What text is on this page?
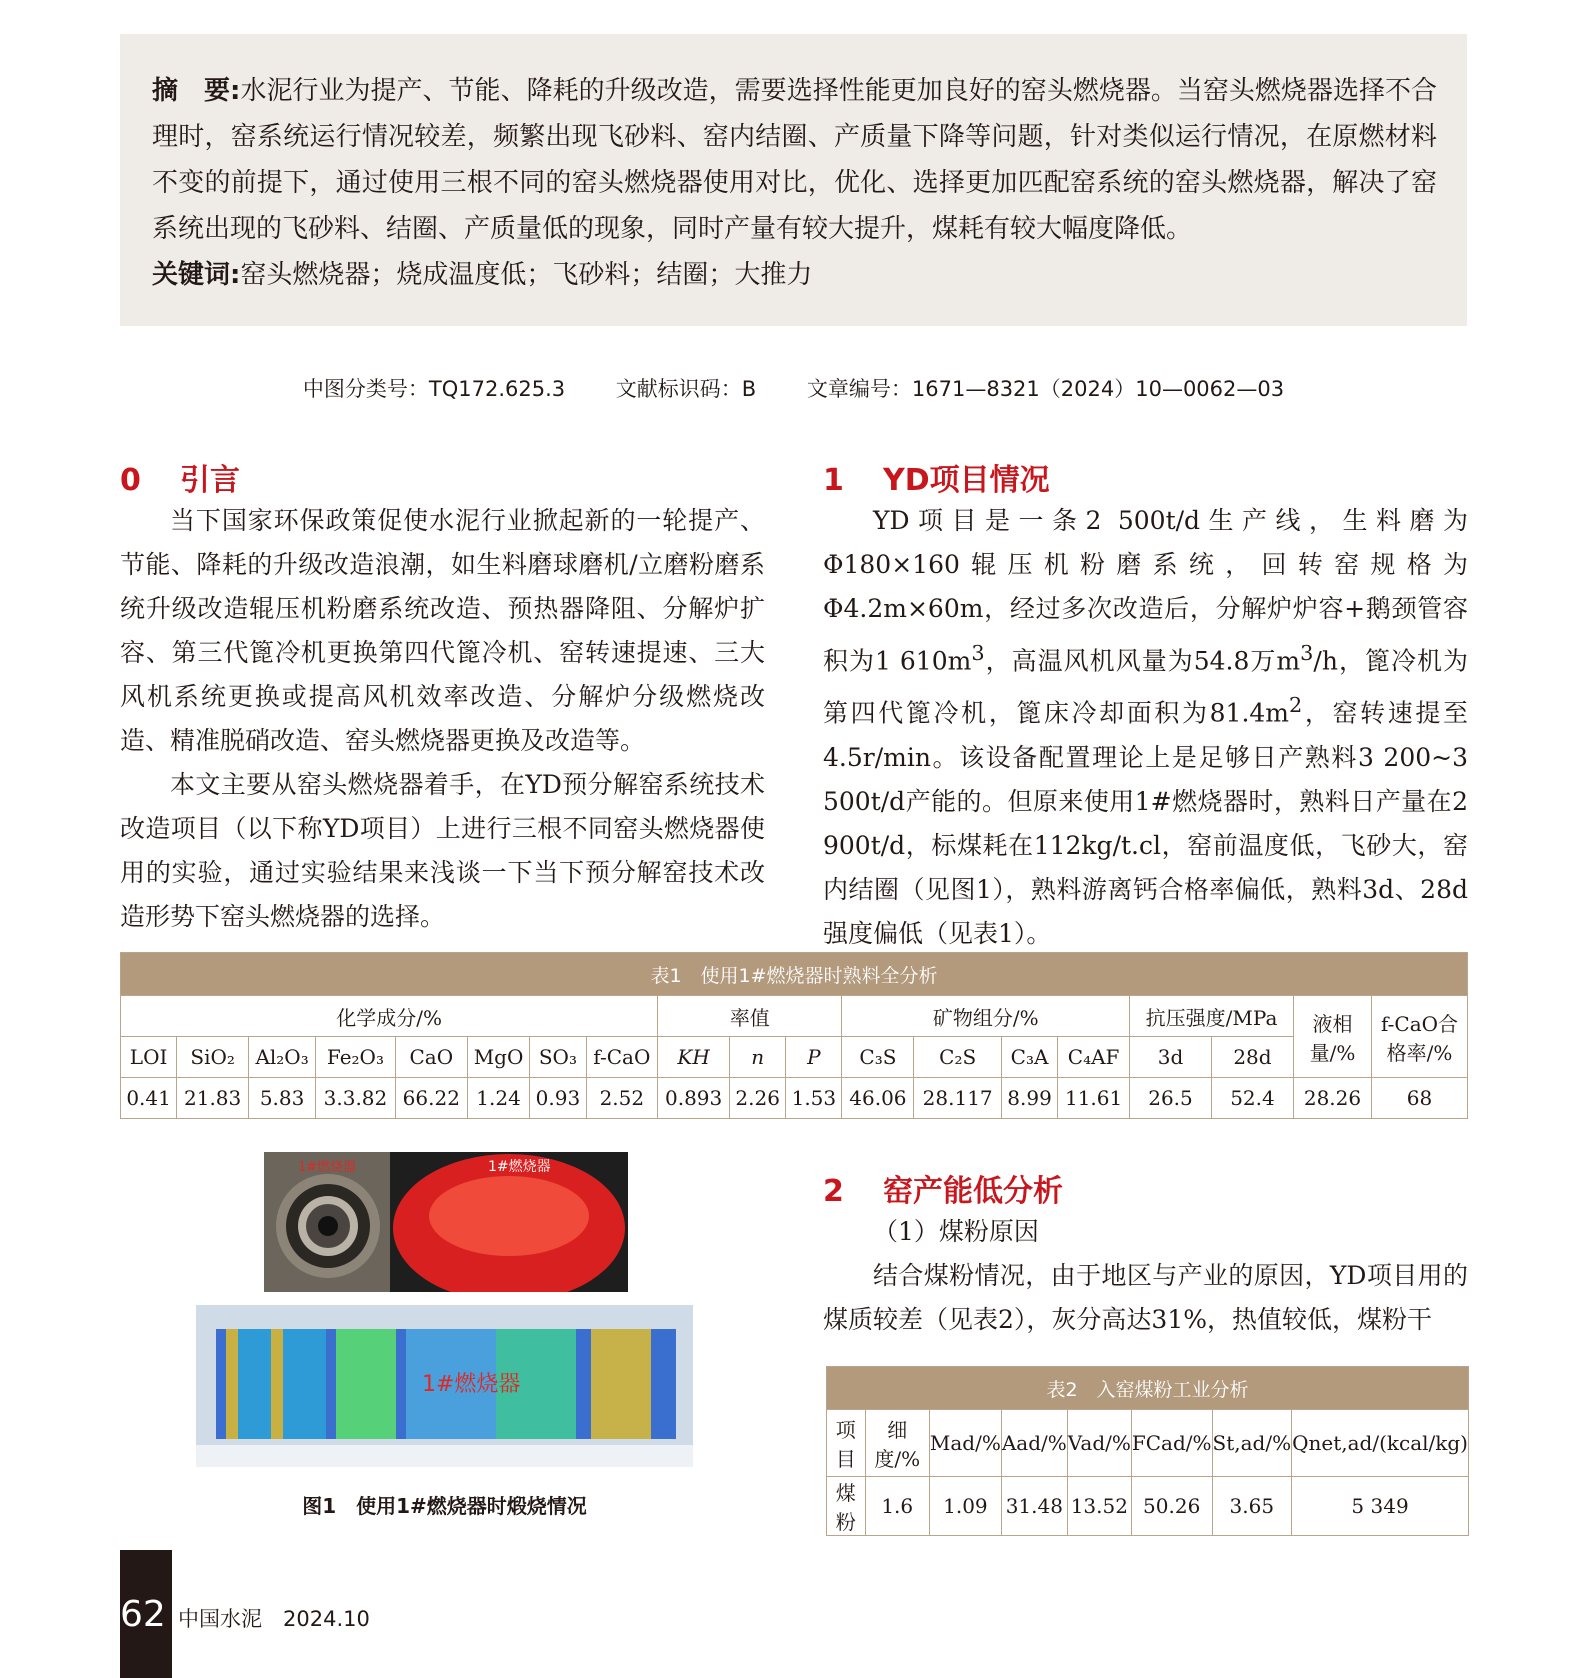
摘　要:水泥行业为提产、节能、降耗的升级改造，需要选择性能更加良好的窑头燃烧器。当窑头燃烧器选择不合理时，窑系统运行情况较差，频繁出现飞砂料、窑内结圈、产质量下降等问题，针对类似运行情况，在原燃材料不变的前提下，通过使用三根不同的窑头燃烧器使用对比，优化、选择更加匹配窑系统的窑头燃烧器，解决了窑系统出现的飞砂料、结圈、产质量低的现象，同时产量有较大提升，煤耗有较大幅度降低。

关键词:窑头燃烧器；烧成温度低；飞砂料；结圈；大推力

中图分类号：TQ172.625.3 文献标识码：B 文章编号：1671—8321（2024）10—0062—03
0 引言

当下国家环保政策促使水泥行业掀起新的一轮提产、节能、降耗的升级改造浪潮，如生料磨球磨机/立磨粉磨系统升级改造辊压机粉磨系统改造、预热器降阻、分解炉扩容、第三代篦冷机更换第四代篦冷机、窑转速提速、三大风机系统更换或提高风机效率改造、分解炉分级燃烧改造、精准脱硝改造、窑头燃烧器更换及改造等。

本文主要从窑头燃烧器着手，在YD预分解窑系统技术改造项目（以下称YD项目）上进行三根不同窑头燃烧器使用的实验，通过实验结果来浅谈一下当下预分解窑技术改造形势下窑头燃烧器的选择。

1 YD项目情况

YD项目是一条2 500t/d生产线，生料磨为Φ180×160辊压机粉磨系统，回转窑规格为Φ4.2m×60m，经过多次改造后，分解炉炉容+鹅颈管容积为1 $610m^3$，高温风机风量为54.8万$m^3/h$，篦冷机为第四代篦冷机，篦床冷却面积为$81.4m^2$，窑转速提至4.5r/min。该设备配置理论上是足够日产熟料3 200~3 500t/d产能的。但原来使用1#燃烧器时，熟料日产量在2 900t/d，标煤耗在112kg/t.cl，窑前温度低，飞砂大，窑内结圈（见图1），熟料游离钙合格率偏低，熟料3d、28d强度偏低（见表1）。

表1　使用1#燃烧器时熟料全分析																		
化学成分/%								率值			矿物组分/%				抗压强度/MPa		液相量/%	f-CaO合格率/%
LOI	SiO₂	Al₂O₃	Fe₂O₃	CaO	MgO	SO₃	f-CaO	KH	n	P	C₃S	C₂S	C₃A	C₄AF	3d	28d		
0.41	21.83	5.83	3.3.82	66.22	1.24	0.93	2.52	0.893	2.26	1.53	46.06	28.117	8.99	11.61	26.5	52.4	28.26	68
1#燃烧器	1#燃烧器
1#燃烧器
图1　使用1#燃烧器时煅烧情况
2 窑产能低分析

（1）煤粉原因

结合煤粉情况，由于地区与产业的原因，YD项目用的煤质较差（见表2），灰分高达31%，热值较低，煤粉干

表2　入窑煤粉工业分析							
项目	细度/%	Mad/%	Aad/%	Vad/%	FCad/%	St,ad/%	Qnet,ad/(kcal/kg)
煤粉	1.6	1.09	31.48	13.52	50.26	3.65	5 349
62 中国水泥　2024.10
